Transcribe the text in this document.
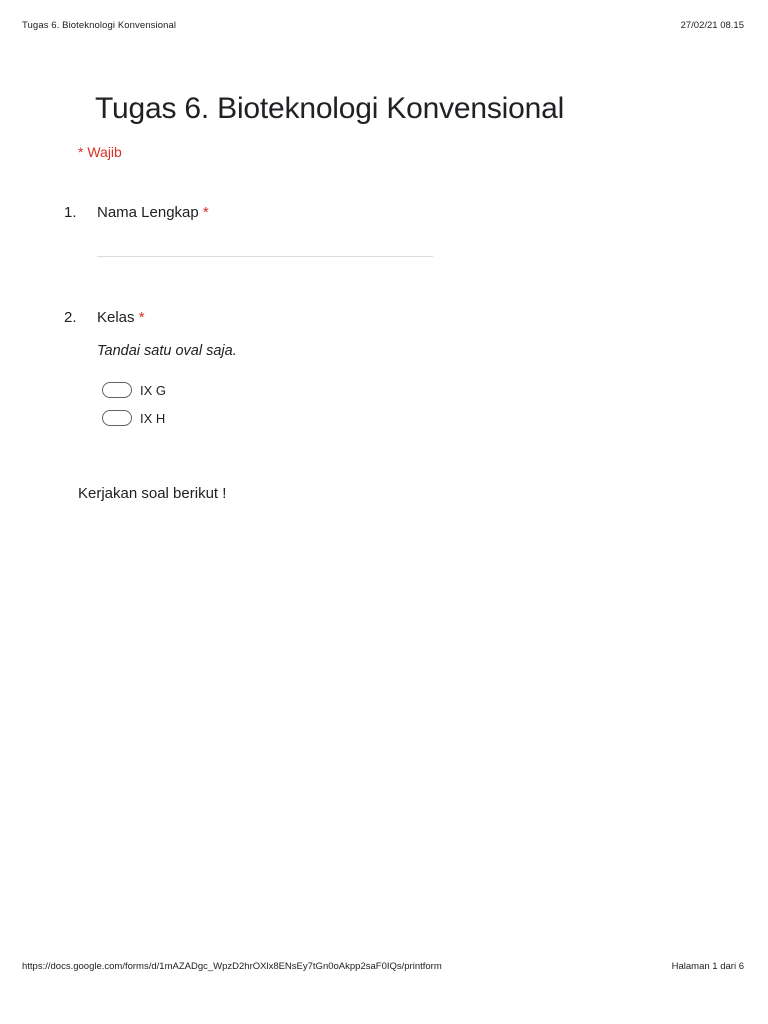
Tugas 6. Bioteknologi Konvensional	27/02/21 08.15
Tugas 6. Bioteknologi Konvensional
* Wajib
1. Nama Lengkap *
2. Kelas *
Tandai satu oval saja.
IX G
IX H
Kerjakan soal berikut !
https://docs.google.com/forms/d/1mAZADgc_WpzD2hrOXlx8ENsEy7tGn0oAkpp2saF0IQs/printform	Halaman 1 dari 6
